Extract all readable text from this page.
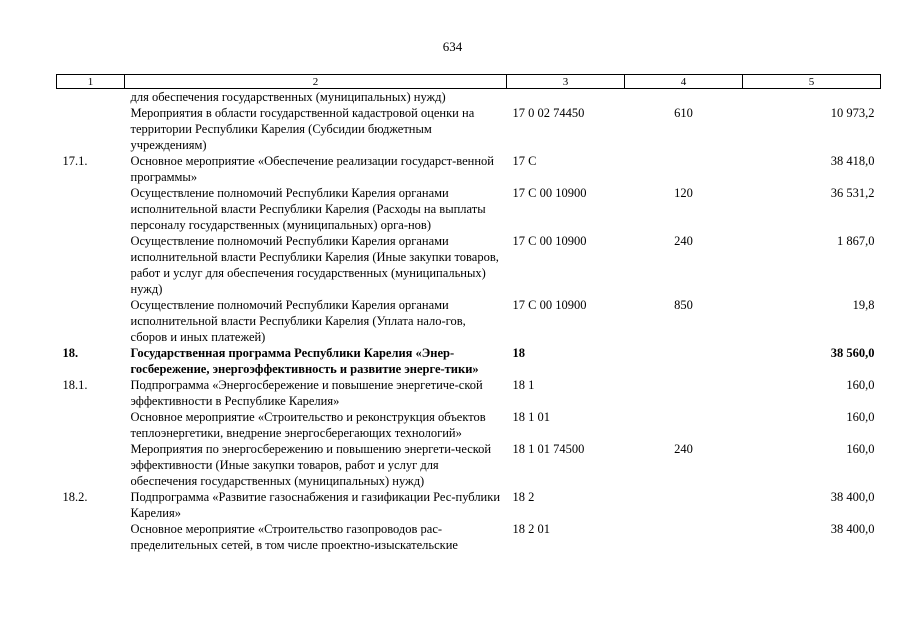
634
1	2	3	4	5
	для обеспечения государственных (муниципальных) нужд)			
	Мероприятия в области государственной кадастровой оценки на территории Республики Карелия (Субсидии бюджетным учреждениям)	17 0 02 74450	610	10 973,2
17.1.	Основное мероприятие «Обеспечение реализации государст-венной программы»	17 С		38 418,0
	Осуществление полномочий Республики Карелия органами исполнительной власти Республики Карелия (Расходы на выплаты персоналу государственных (муниципальных) орга-нов)	17 С 00 10900	120	36 531,2
	Осуществление полномочий Республики Карелия органами исполнительной власти Республики Карелия (Иные закупки товаров, работ и услуг для обеспечения государственных (муниципальных) нужд)	17 С 00 10900	240	1 867,0
	Осуществление полномочий Республики Карелия органами исполнительной власти Республики Карелия (Уплата нало-гов, сборов и иных платежей)	17 С 00 10900	850	19,8
18.	Государственная программа Республики Карелия «Энер-госбережение, энергоэффективность и развитие энерге-тики»	18		38 560,0
18.1.	Подпрограмма «Энергосбережение и повышение энергетиче-ской эффективности в Республике Карелия»	18 1		160,0
	Основное мероприятие «Строительство и реконструкция объектов теплоэнергетики, внедрение энергосберегающих технологий»	18 1 01		160,0
	Мероприятия по энергосбережению и повышению энергети-ческой эффективности (Иные закупки товаров, работ и услуг для обеспечения государственных (муниципальных) нужд)	18 1 01 74500	240	160,0
18.2.	Подпрограмма «Развитие газоснабжения и газификации Рес-публики Карелия»	18 2		38 400,0
	Основное мероприятие «Строительство газопроводов рас-пределительных сетей, в том числе проектно-изыскательские	18 2 01		38 400,0
